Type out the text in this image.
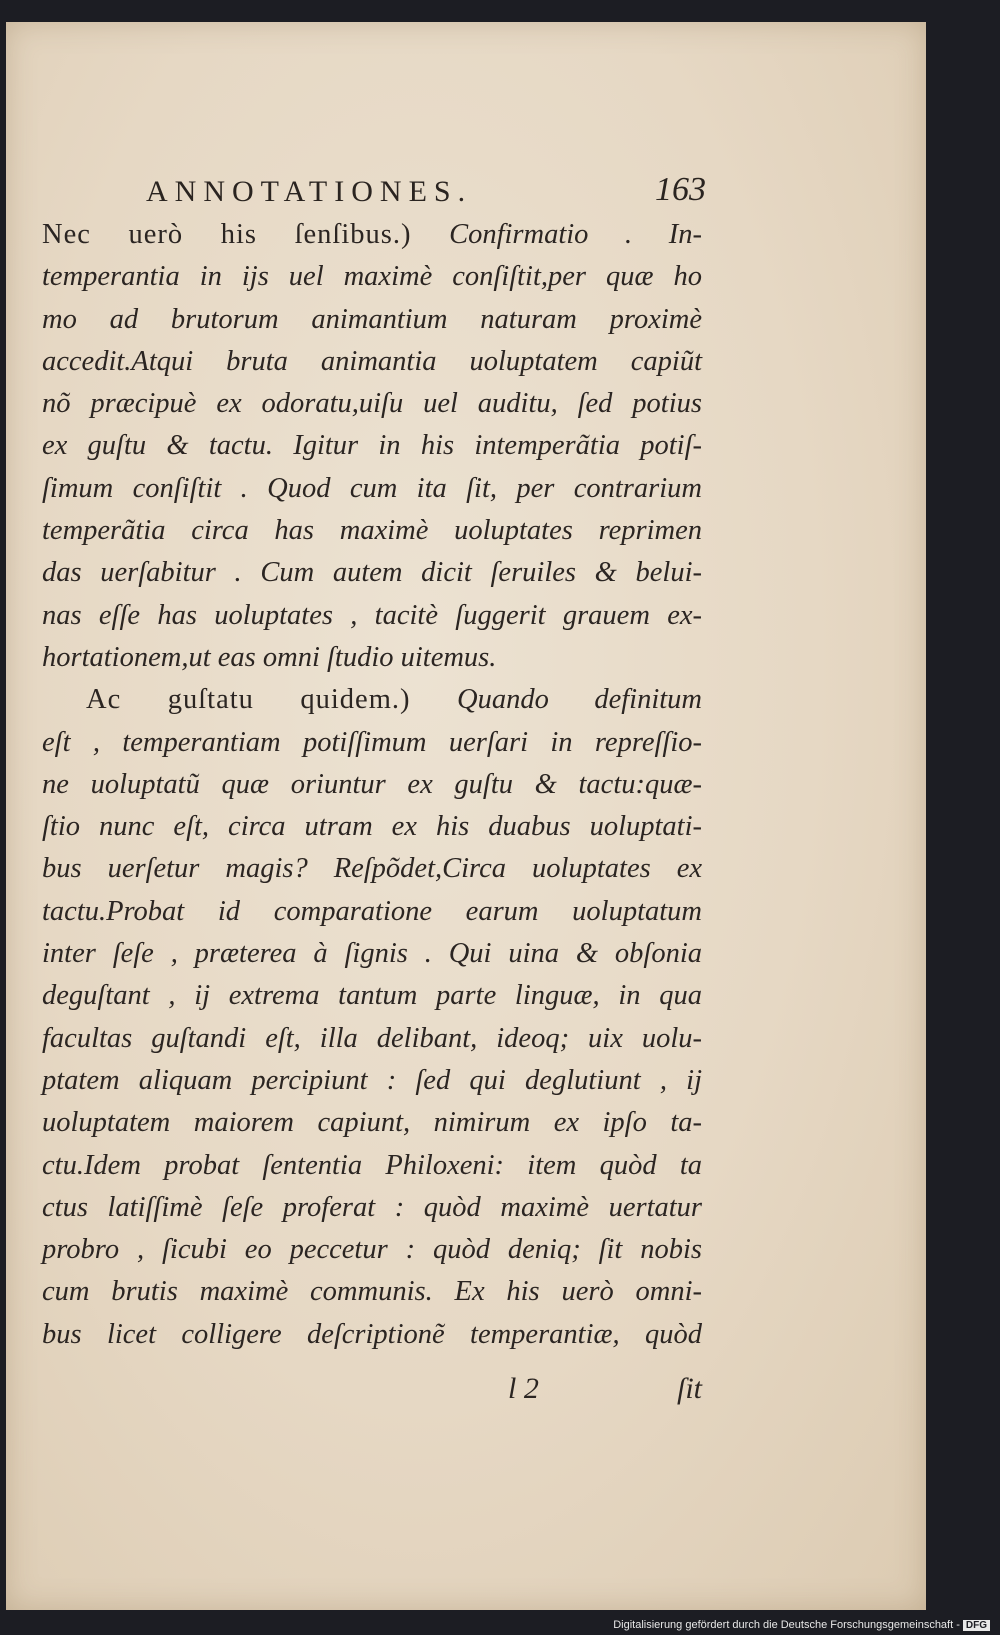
ANNOTATIONES.	163
Nec uerò his ſenſibus.) Confirmatio . In-
temperantia in ijs uel maximè conſiſtit,per quæ ho
mo ad brutorum animantium naturam proximè
accedit.Atqui bruta animantia uoluptatem capiũt
nõ præcipuè ex odoratu,uiſu uel auditu, ſed potius
ex guſtu & tactu. Igitur in his intemperãtia potiſ-
ſimum conſiſtit . Quod cum ita ſit, per contrarium
temperãtia circa has maximè uoluptates reprimen
das uerſabitur . Cum autem dicit ſeruiles & belui-
nas eſſe has uoluptates , tacitè ſuggerit grauem ex-
hortationem,ut eas omni ſtudio uitemus.
Ac guſtatu quidem.) Quando definitum
eſt , temperantiam potiſſimum uerſari in repreſſio-
ne uoluptatũ quæ oriuntur ex guſtu & tactu:quæ-
ſtio nunc eſt, circa utram ex his duabus uoluptati-
bus uerſetur magis? Reſpõdet,Circa uoluptates ex
tactu.Probat id comparatione earum uoluptatum
inter ſeſe , præterea à ſignis . Qui uina & obſonia
deguſtant , ij extrema tantum parte linguæ, in qua
facultas guſtandi eſt, illa delibant, ideoq; uix uolu-
ptatem aliquam percipiunt : ſed qui deglutiunt , ij
uoluptatem maiorem capiunt, nimirum ex ipſo ta-
ctu.Idem probat ſententia Philoxeni: item quòd ta
ctus latiſſimè ſeſe proferat : quòd maximè uertatur
probro , ſicubi eo peccetur : quòd deniq; ſit nobis
cum brutis maximè communis. Ex his uerò omni-
bus licet colligere deſcriptionẽ temperantiæ, quòd
l 2	ſit
Digitalisierung gefördert durch die Deutsche Forschungsgemeinschaft - DFG
